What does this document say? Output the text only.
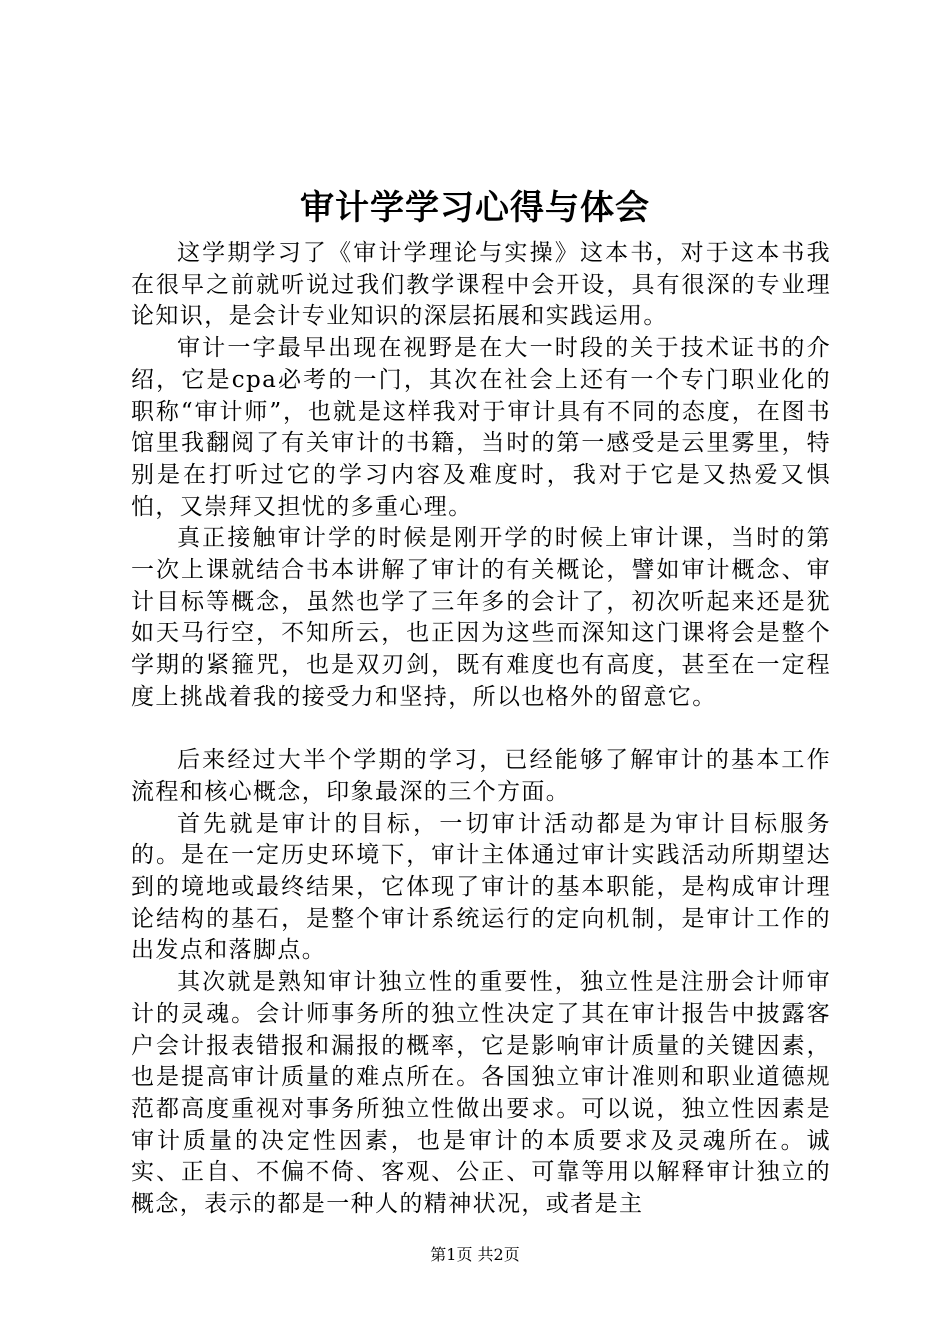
审计学学习心得与体会

这学期学习了《审计学理论与实操》这本书，对于这本书我在很早之前就听说过我们教学课程中会开设，具有很深的专业理论知识，是会计专业知识的深层拓展和实践运用。

审计一字最早出现在视野是在大一时段的关于技术证书的介绍，它是cpa必考的一门，其次在社会上还有一个专门职业化的职称“审计师”，也就是这样我对于审计具有不同的态度，在图书馆里我翻阅了有关审计的书籍，当时的第一感受是云里雾里，特别是在打听过它的学习内容及难度时，我对于它是又热爱又惧怕，又崇拜又担忧的多重心理。

真正接触审计学的时候是刚开学的时候上审计课，当时的第一次上课就结合书本讲解了审计的有关概论，譬如审计概念、审计目标等概念，虽然也学了三年多的会计了，初次听起来还是犹如天马行空，不知所云，也正因为这些而深知这门课将会是整个学期的紧箍咒，也是双刃剑，既有难度也有高度，甚至在一定程度上挑战着我的接受力和坚持，所以也格外的留意它。

后来经过大半个学期的学习，已经能够了解审计的基本工作流程和核心概念，印象最深的三个方面。

首先就是审计的目标，一切审计活动都是为审计目标服务的。是在一定历史环境下，审计主体通过审计实践活动所期望达到的境地或最终结果，它体现了审计的基本职能，是构成审计理论结构的基石，是整个审计系统运行的定向机制，是审计工作的出发点和落脚点。

其次就是熟知审计独立性的重要性，独立性是注册会计师审计的灵魂。会计师事务所的独立性决定了其在审计报告中披露客户会计报表错报和漏报的概率，它是影响审计质量的关键因素，也是提高审计质量的难点所在。各国独立审计准则和职业道德规范都高度重视对事务所独立性做出要求。可以说，独立性因素是审计质量的决定性因素，也是审计的本质要求及灵魂所在。诚实、正自、不偏不倚、客观、公正、可靠等用以解释审计独立的概念，表示的都是一种人的精神状况，或者是主

第1页 共2页
